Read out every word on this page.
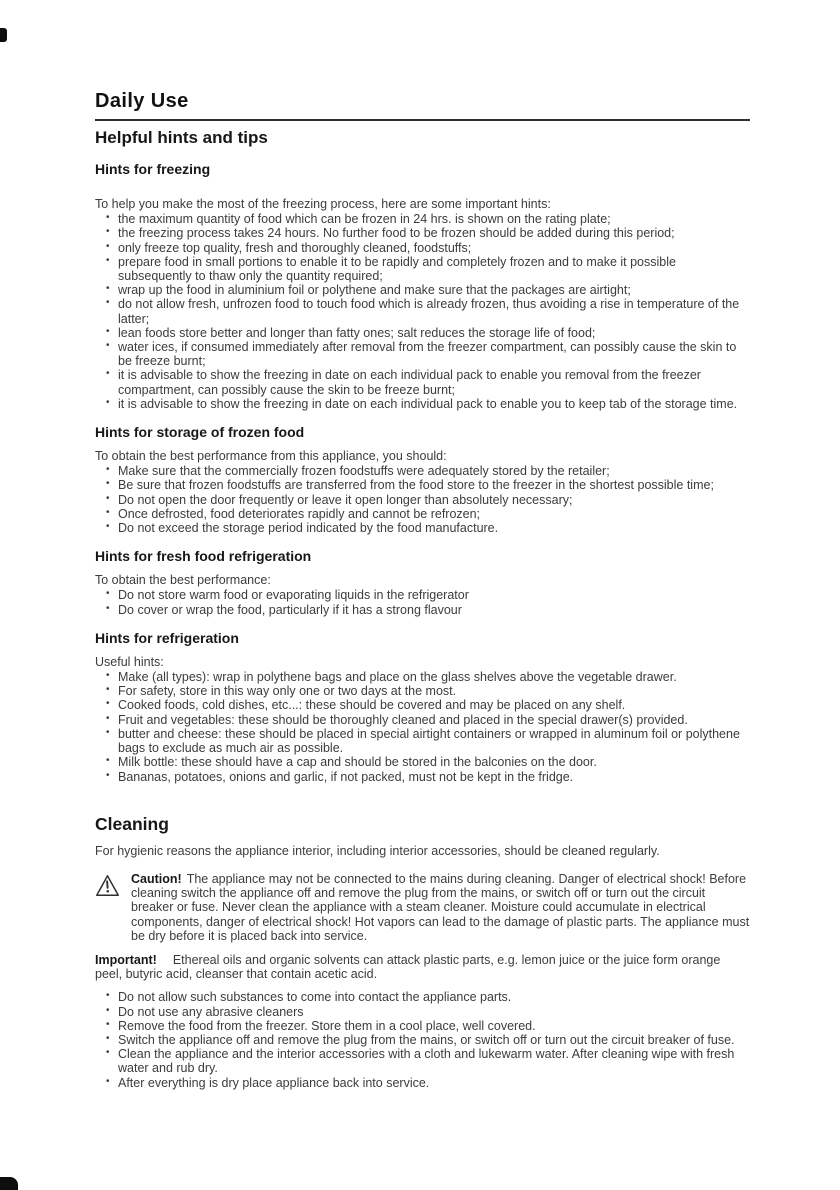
Daily Use
Helpful hints and tips
Hints for freezing

To help you make the most of the freezing process, here are some important hints:

• the maximum quantity of food which can be frozen in 24 hrs. is shown on the rating plate;
• the freezing process takes 24 hours. No further food to be frozen should be added during this period;
• only freeze top quality, fresh and thoroughly cleaned, foodstuffs;
• prepare food in small portions to enable it to be rapidly and completely frozen and to make it possible subsequently to thaw only the quantity required;
• wrap up the food in aluminium foil or polythene and make sure that the packages are airtight;
• do not allow fresh, unfrozen food to touch food which is already frozen, thus avoiding a rise in temperature of the latter;
• lean foods store better and longer than fatty ones; salt reduces the storage life of food;
• water ices, if consumed immediately after removal from the freezer compartment, can possibly cause the skin to be freeze burnt;
• it is advisable to show the freezing in date on each individual pack to enable you removal from the freezer compartment, can possibly cause the skin to be freeze burnt;
• it is advisable to show the freezing in date on each individual pack to enable you to keep tab of the storage time.
Hints for storage of frozen food

To obtain the best performance from this appliance, you should:

• Make sure that the commercially frozen foodstuffs were adequately stored by the retailer;
• Be sure that frozen foodstuffs are transferred from the food store to the freezer in the shortest possible time;
• Do not open the door frequently or leave it open longer than absolutely necessary;
• Once defrosted, food deteriorates rapidly and cannot be refrozen;
• Do not exceed the storage period indicated by the food manufacture.
Hints for fresh food refrigeration

To obtain the best performance:

• Do not store warm food or evaporating liquids in the refrigerator
• Do cover or wrap the food, particularly if it has a strong flavour
Hints for refrigeration

Useful hints:

• Make (all types): wrap in polythene bags and place on the glass shelves above the vegetable drawer.
• For safety, store in this way only one or two days at the most.
• Cooked foods, cold dishes, etc...: these should be covered and may be placed on any shelf.
• Fruit and vegetables: these should be thoroughly cleaned and placed in the special drawer(s) provided.
• butter and cheese: these should be placed in special airtight containers or wrapped in aluminum foil or polythene bags to exclude as much air as possible.
• Milk bottle: these should have a cap and should be stored in the balconies on the door.
• Bananas, potatoes, onions and garlic, if not packed, must not be kept in the fridge.
Cleaning

For hygienic reasons the appliance interior, including interior accessories, should be cleaned regularly.

Caution! The appliance may not be connected to the mains during cleaning. Danger of electrical shock! Before cleaning switch the appliance off and remove the plug from the mains, or switch off or turn out the circuit breaker or fuse. Never clean the appliance with a steam cleaner. Moisture could accumulate in electrical components, danger of electrical shock! Hot vapors can lead to the damage of plastic parts. The appliance must be dry before it is placed back into service.

Important! Ethereal oils and organic solvents can attack plastic parts, e.g. lemon juice or the juice form orange peel, butyric acid, cleanser that contain acetic acid.

• Do not allow such substances to come into contact the appliance parts.
• Do not use any abrasive cleaners
• Remove the food from the freezer. Store them in a cool place, well covered.
• Switch the appliance off and remove the plug from the mains, or switch off or turn out the circuit breaker of fuse.
• Clean the appliance and the interior accessories with a cloth and lukewarm water. After cleaning wipe with fresh water and rub dry.
• After everything is dry place appliance back into service.
